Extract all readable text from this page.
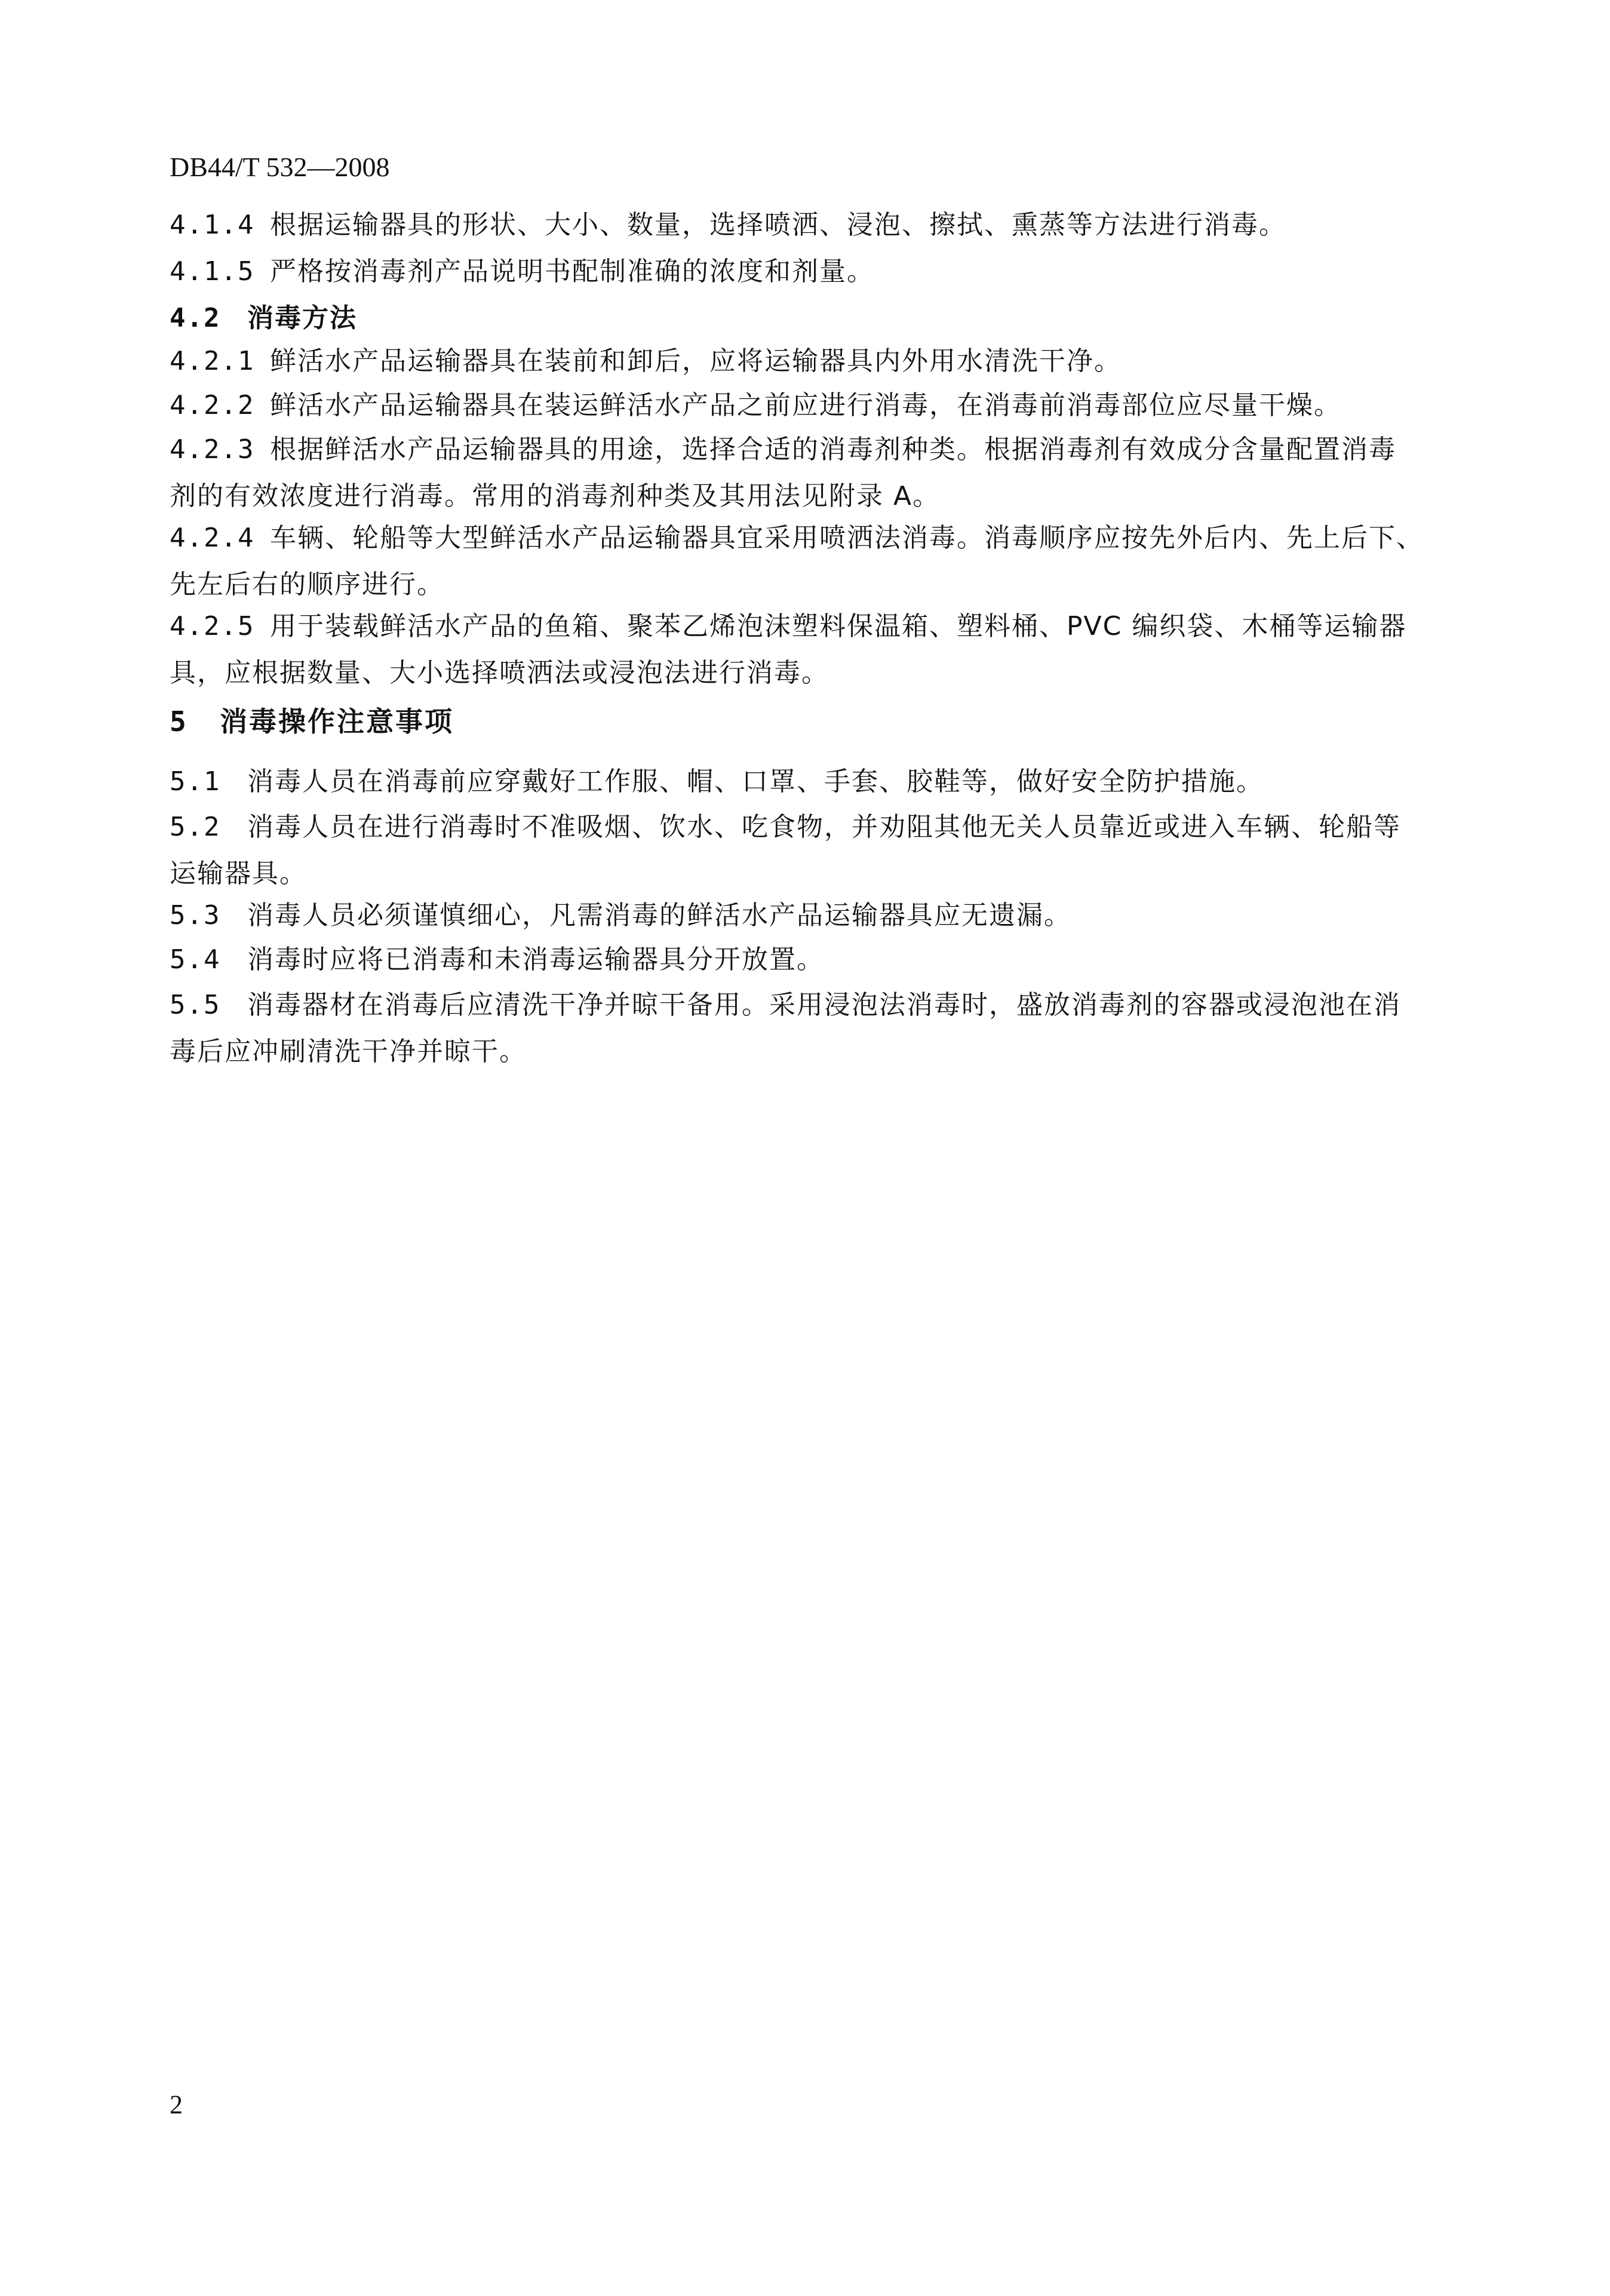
DB44/T 532—2008
4.1.4 根据运输器具的形状、大小、数量，选择喷洒、浸泡、擦拭、熏蒸等方法进行消毒。
4.1.5 严格按消毒剂产品说明书配制准确的浓度和剂量。
4.2 消毒方法
4.2.1 鲜活水产品运输器具在装前和卸后，应将运输器具内外用水清洗干净。
4.2.2 鲜活水产品运输器具在装运鲜活水产品之前应进行消毒，在消毒前消毒部位应尽量干燥。
4.2.3 根据鲜活水产品运输器具的用途，选择合适的消毒剂种类。根据消毒剂有效成分含量配置消毒
剂的有效浓度进行消毒。常用的消毒剂种类及其用法见附录 A。
4.2.4 车辆、轮船等大型鲜活水产品运输器具宜采用喷洒法消毒。消毒顺序应按先外后内、先上后下、
先左后右的顺序进行。
4.2.5 用于装载鲜活水产品的鱼箱、聚苯乙烯泡沫塑料保温箱、塑料桶、PVC 编织袋、木桶等运输器
具，应根据数量、大小选择喷洒法或浸泡法进行消毒。
5 消毒操作注意事项
5.1 消毒人员在消毒前应穿戴好工作服、帽、口罩、手套、胶鞋等，做好安全防护措施。
5.2 消毒人员在进行消毒时不准吸烟、饮水、吃食物，并劝阻其他无关人员靠近或进入车辆、轮船等
运输器具。
5.3 消毒人员必须谨慎细心，凡需消毒的鲜活水产品运输器具应无遗漏。
5.4 消毒时应将已消毒和未消毒运输器具分开放置。
5.5 消毒器材在消毒后应清洗干净并晾干备用。采用浸泡法消毒时，盛放消毒剂的容器或浸泡池在消
毒后应冲刷清洗干净并晾干。
2
